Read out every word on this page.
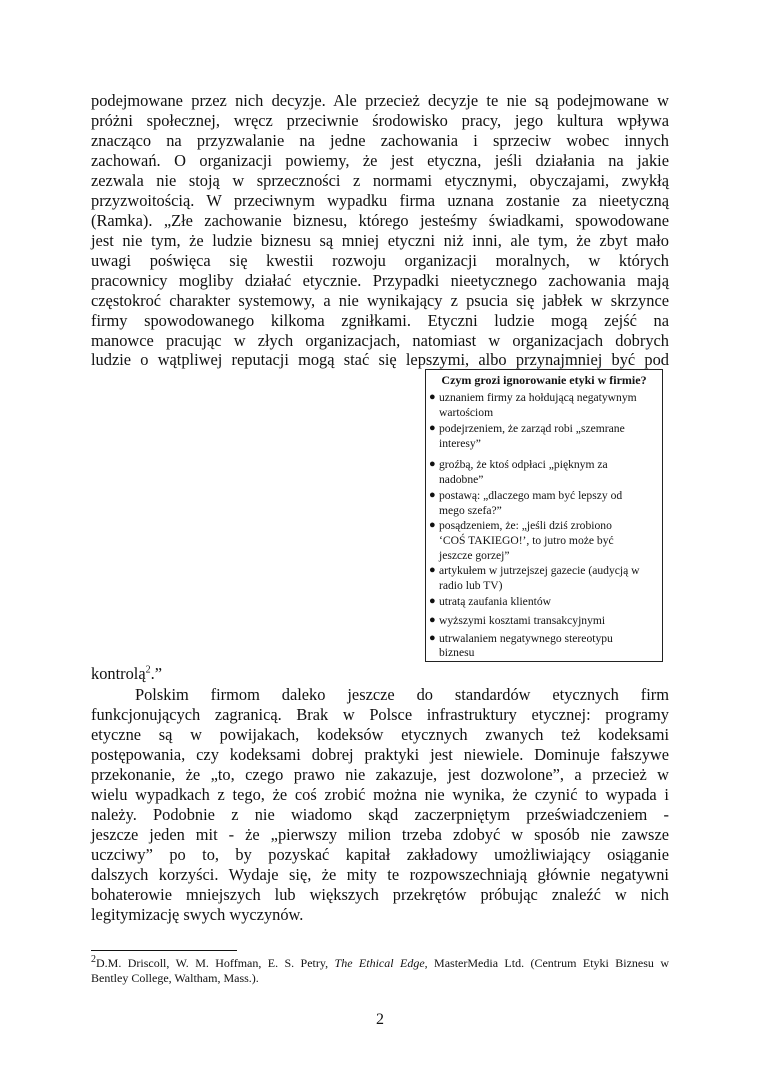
podejmowane przez nich decyzje. Ale przecież decyzje te nie są podejmowane w
próżni społecznej, wręcz przeciwnie środowisko pracy, jego kultura wpływa
znacząco na przyzwalanie na jedne zachowania i sprzeciw wobec innych
zachowań. O organizacji powiemy, że jest etyczna, jeśli działania na jakie
zezwala nie stoją w sprzeczności z normami etycznymi, obyczajami, zwykłą
przyzwoitością. W przeciwnym wypadku firma uznana zostanie za nieetyczną
(Ramka). „Złe zachowanie biznesu, którego jesteśmy świadkami, spowodowane
jest nie tym, że ludzie biznesu są mniej etyczni niż inni, ale tym, że zbyt mało
uwagi poświęca się kwestii rozwoju organizacji moralnych, w których
pracownicy mogliby działać etycznie. Przypadki nieetycznego zachowania mają
częstokroć charakter systemowy, a nie wynikający z psucia się jabłek w skrzynce
firmy spowodowanego kilkoma zgniłkami. Etyczni ludzie mogą zejść na
manowce pracując w złych organizacjach, natomiast w organizacjach dobrych
ludzie o wątpliwej reputacji mogą stać się lepszymi, albo przynajmniej być pod
kontrolą$^2$.”
Czym grozi ignorowanie etyki w firmie?
● uznaniem firmy za hołdującą negatywnym
wartościom
● podejrzeniem, że zarząd robi „szemrane
interesy”
● groźbą, że ktoś odpłaci „pięknym za
nadobne”
● postawą: „dlaczego mam być lepszy od
mego szefa?”
● posądzeniem, że: „jeśli dziś zrobiono
‘COŚ TAKIEGO!’, to jutro może być
jeszcze gorzej”
● artykułem w jutrzejszej gazecie (audycją w
radio lub TV)
● utratą zaufania klientów
● wyższymi kosztami transakcyjnymi
● utrwalaniem negatywnego stereotypu
biznesu
Polskim firmom daleko jeszcze do standardów etycznych firm
funkcjonujących zagranicą. Brak w Polsce infrastruktury etycznej: programy
etyczne są w powijakach, kodeksów etycznych zwanych też kodeksami
postępowania, czy kodeksami dobrej praktyki jest niewiele. Dominuje fałszywe
przekonanie, że „to, czego prawo nie zakazuje, jest dozwolone”, a przecież w
wielu wypadkach z tego, że coś zrobić można nie wynika, że czynić to wypada i
należy. Podobnie z nie wiadomo skąd zaczerpniętym przeświadczeniem -
jeszcze jeden mit - że „pierwszy milion trzeba zdobyć w sposób nie zawsze
uczciwy” po to, by pozyskać kapitał zakładowy umożliwiający osiąganie
dalszych korzyści. Wydaje się, że mity te rozpowszechniają głównie negatywni
bohaterowie mniejszych lub większych przekrętów próbując znaleźć w nich
legitymizację swych wyczynów.
$^2$D.M. Driscoll, W. M. Hoffman, E. S. Petry, The Ethical Edge, MasterMedia Ltd. (Centrum Etyki Biznesu w
Bentley College, Waltham, Mass.).
2
